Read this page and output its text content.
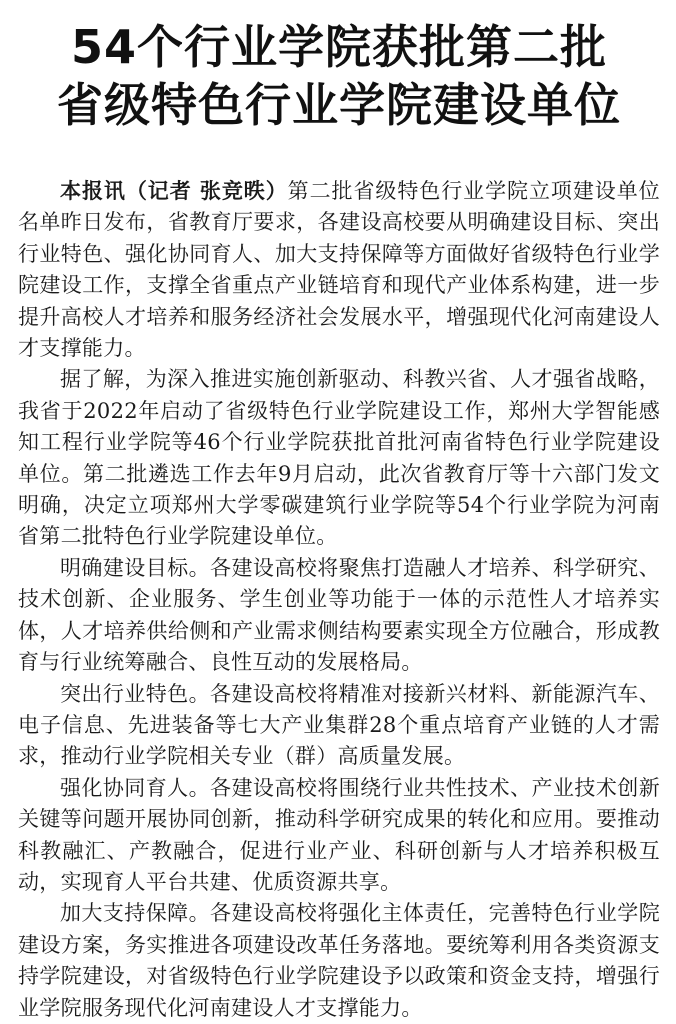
54个行业学院获批第二批
省级特色行业学院建设单位

本报讯（记者 张竞昳）第二批省级特色行业学院立项建设单位名单昨日发布，省教育厅要求，各建设高校要从明确建设目标、突出行业特色、强化协同育人、加大支持保障等方面做好省级特色行业学院建设工作，支撑全省重点产业链培育和现代产业体系构建，进一步提升高校人才培养和服务经济社会发展水平，增强现代化河南建设人才支撑能力。

据了解，为深入推进实施创新驱动、科教兴省、人才强省战略，我省于2022年启动了省级特色行业学院建设工作，郑州大学智能感知工程行业学院等46个行业学院获批首批河南省特色行业学院建设单位。第二批遴选工作去年9月启动，此次省教育厅等十六部门发文明确，决定立项郑州大学零碳建筑行业学院等54个行业学院为河南省第二批特色行业学院建设单位。

明确建设目标。各建设高校将聚焦打造融人才培养、科学研究、技术创新、企业服务、学生创业等功能于一体的示范性人才培养实体，人才培养供给侧和产业需求侧结构要素实现全方位融合，形成教育与行业统筹融合、良性互动的发展格局。

突出行业特色。各建设高校将精准对接新兴材料、新能源汽车、电子信息、先进装备等七大产业集群28个重点培育产业链的人才需求，推动行业学院相关专业（群）高质量发展。

强化协同育人。各建设高校将围绕行业共性技术、产业技术创新关键等问题开展协同创新，推动科学研究成果的转化和应用。要推动科教融汇、产教融合，促进行业产业、科研创新与人才培养积极互动，实现育人平台共建、优质资源共享。

加大支持保障。各建设高校将强化主体责任，完善特色行业学院建设方案，务实推进各项建设改革任务落地。要统筹利用各类资源支持学院建设，对省级特色行业学院建设予以政策和资金支持，增强行业学院服务现代化河南建设人才支撑能力。
